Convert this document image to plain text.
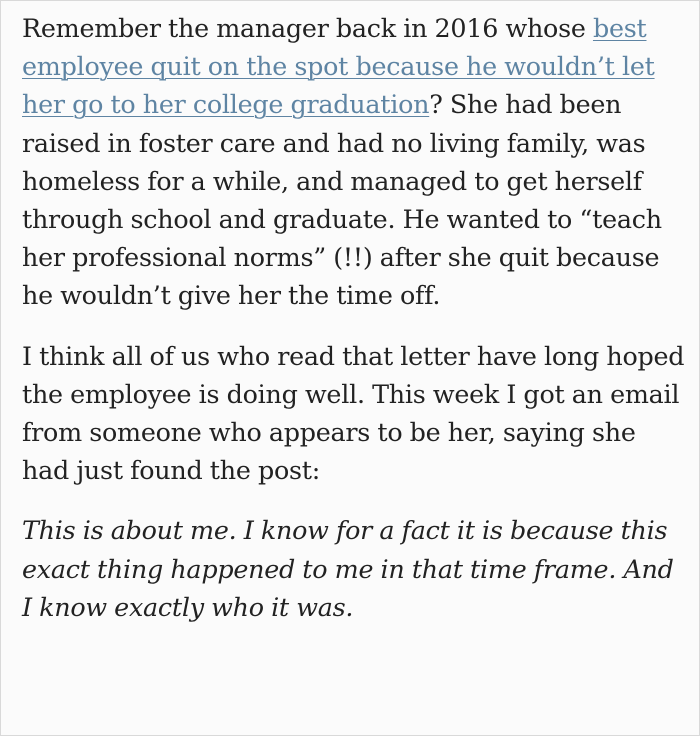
Remember the manager back in 2016 whose best employee quit on the spot because he wouldn’t let her go to her college graduation? She had been raised in foster care and had no living family, was homeless for a while, and managed to get herself through school and graduate. He wanted to “teach her professional norms” (!!) after she quit because he wouldn’t give her the time off.

I think all of us who read that letter have long hoped the employee is doing well. This week I got an email from someone who appears to be her, saying she had just found the post:

This is about me. I know for a fact it is because this exact thing happened to me in that time frame. And I know exactly who it was.
